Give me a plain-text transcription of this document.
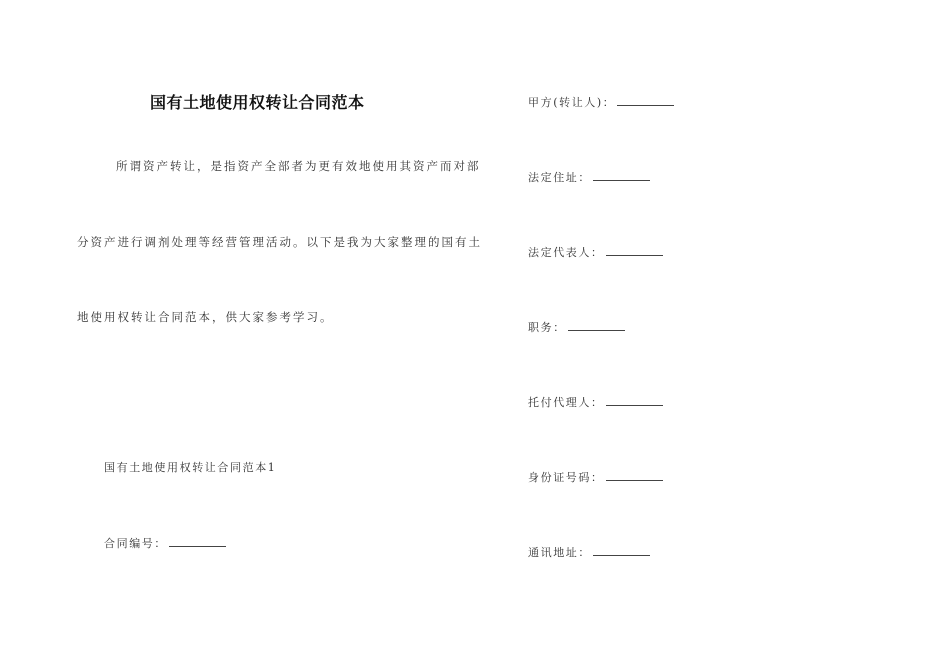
国有土地使用权转让合同范本
所谓资产转让，是指资产全部者为更有效地使用其资产而对部
分资产进行调剂处理等经营管理活动。以下是我为大家整理的国有土
地使用权转让合同范本，供大家参考学习。
国有土地使用权转让合同范本1
合同编号：
甲方(转让人)：
法定住址：
法定代表人：
职务：
托付代理人：
身份证号码：
通讯地址：
